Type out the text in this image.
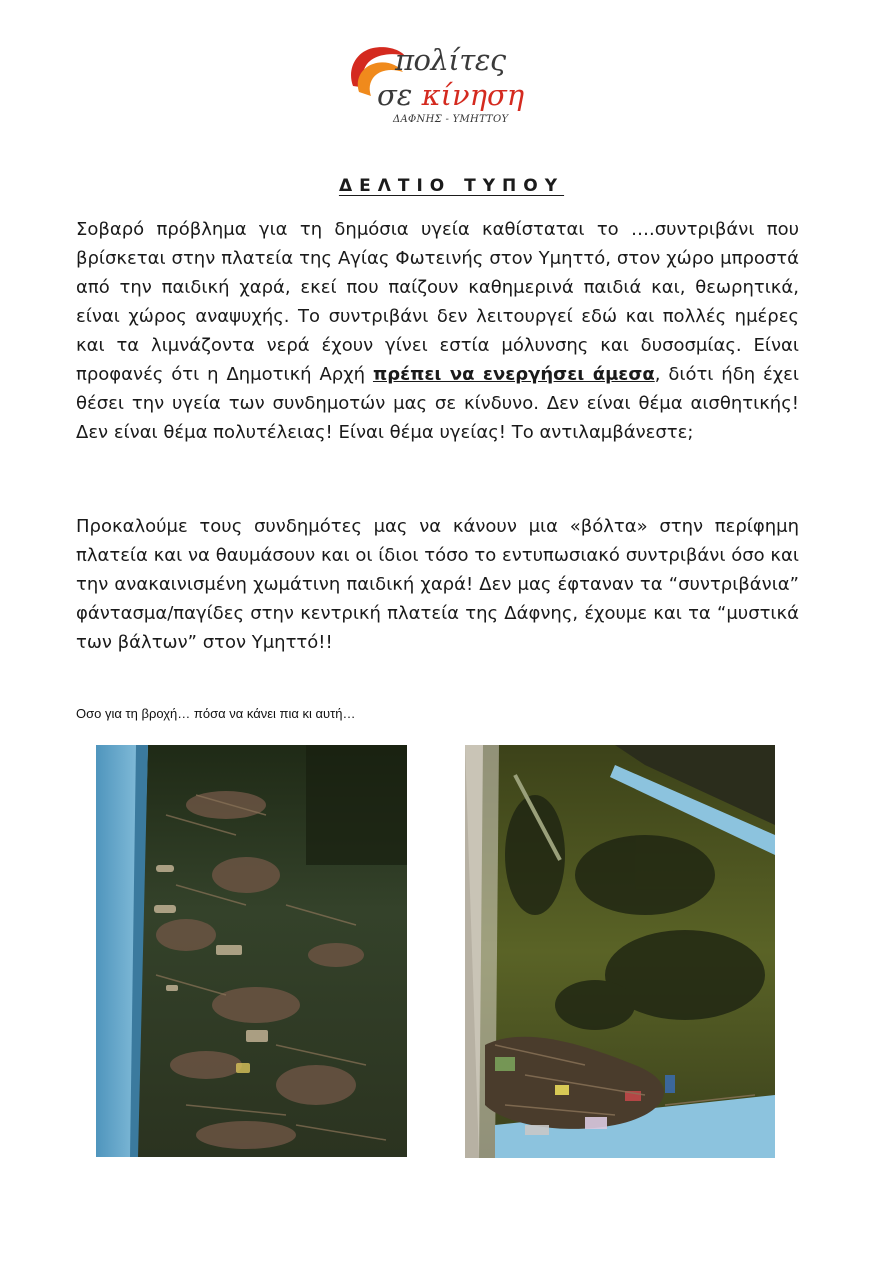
πολίτες
σε κίνηση
ΔΑΦΝΗΣ - ΥΜΗΤΤΟΥ
ΔΕΛΤΙΟ ΤΥΠΟΥ
Σοβαρό πρόβλημα για τη δημόσια υγεία καθίσταται το ….συντριβάνι που βρίσκεται στην πλατεία της Αγίας Φωτεινής στον Υμηττό, στον χώρο μπροστά από την παιδική χαρά, εκεί που παίζουν καθημερινά παιδιά και, θεωρητικά, είναι χώρος αναψυχής. Το συντριβάνι δεν λειτουργεί εδώ και πολλές ημέρες και τα λιμνάζοντα νερά έχουν γίνει εστία μόλυνσης και δυσοσμίας. Είναι προφανές ότι η Δημοτική Αρχή πρέπει να ενεργήσει άμεσα, διότι ήδη έχει θέσει την υγεία των συνδημοτών μας σε κίνδυνο. Δεν είναι θέμα αισθητικής! Δεν είναι θέμα πολυτέλειας! Είναι θέμα υγείας! Το αντιλαμβάνεστε;
Προκαλούμε τους συνδημότες μας να κάνουν μια «βόλτα» στην περίφημη πλατεία και να θαυμάσουν και οι ίδιοι τόσο το εντυπωσιακό συντριβάνι όσο και την ανακαινισμένη χωμάτινη παιδική χαρά! Δεν μας έφταναν τα “συντριβάνια” φάντασμα/παγίδες στην κεντρική πλατεία της Δάφνης, έχουμε και τα “μυστικά των βάλτων” στον Υμηττό!!
Οσο για τη βροχή… πόσα να κάνει πια κι αυτή…
